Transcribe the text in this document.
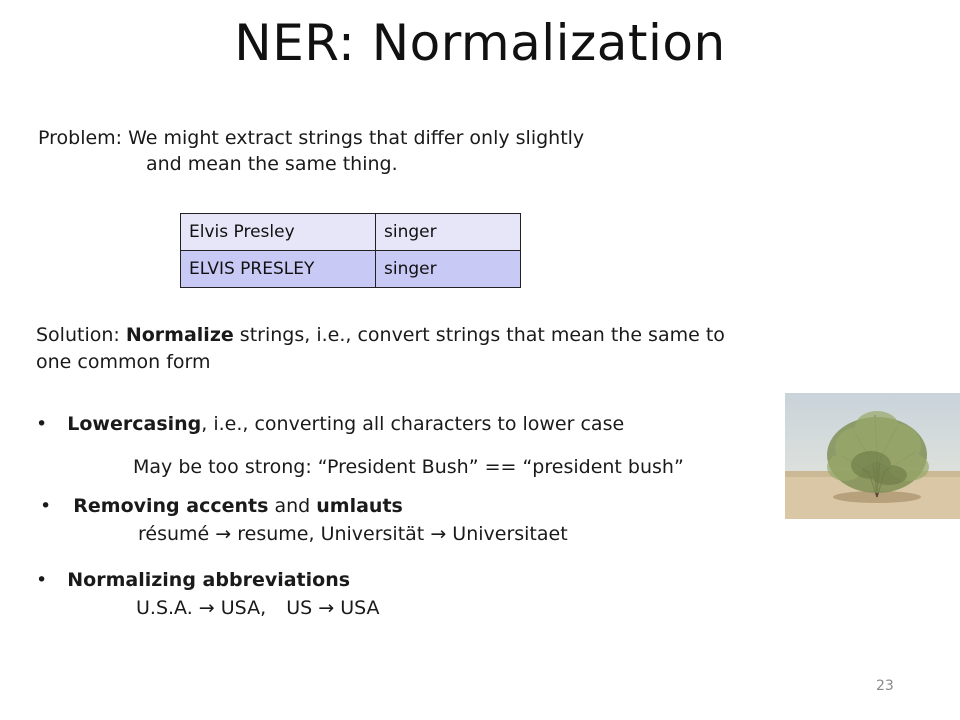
NER: Normalization
Problem: We might extract strings that differ only slightly
and mean the same thing.
Elvis Presley	singer
ELVIS PRESLEY	singer
Solution: Normalize strings, i.e., convert strings that mean the same to
one common form
• Lowercasing, i.e., converting all characters to lower case
May be too strong: “President Bush” == “president bush”
• Removing accents and umlauts
résumé → resume, Universität → Universitaet
• Normalizing abbreviations
U.S.A. → USA, US → USA
23
